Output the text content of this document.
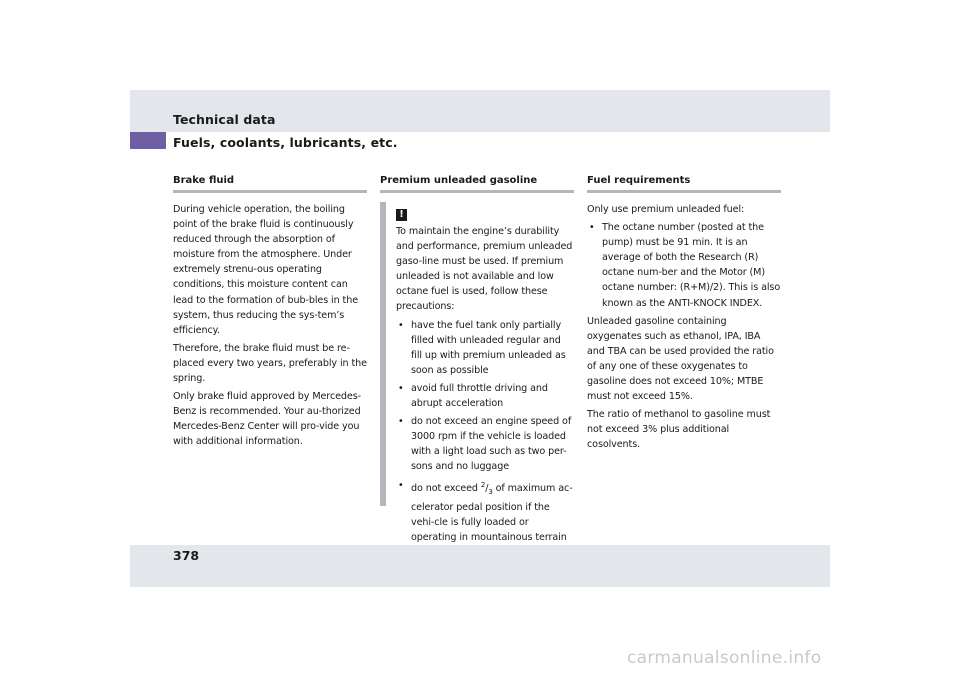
Technical data
Fuels, coolants, lubricants, etc.
Brake fluid

During vehicle operation, the boiling point of the brake fluid is continuously reduced through the absorption of moisture from the atmosphere. Under extremely strenu-ous operating conditions, this moisture content can lead to the formation of bub-bles in the system, thus reducing the sys-tem’s efficiency.

Therefore, the brake fluid must be re-placed every two years, preferably in the spring.

Only brake fluid approved by Mercedes-Benz is recommended. Your au-thorized Mercedes-Benz Center will pro-vide you with additional information.

Premium unleaded gasoline
!

To maintain the engine’s durability and performance, premium unleaded gaso-line must be used. If premium unleaded is not available and low octane fuel is used, follow these precautions:

• have the fuel tank only partially filled with unleaded regular and fill up with premium unleaded as soon as possible
• avoid full throttle driving and abrupt acceleration
• do not exceed an engine speed of 3000 rpm if the vehicle is loaded with a light load such as two per-sons and no luggage
• do not exceed $^2/_3$ of maximum ac-celerator pedal position if the vehi-cle is fully loaded or operating in mountainous terrain
Fuel requirements

Only use premium unleaded fuel:

• The octane number (posted at the pump) must be 91 min. It is an average of both the Research (R) octane num-ber and the Motor (M) octane number: (R+M)/2). This is also known as the ANTI-KNOCK INDEX.

Unleaded gasoline containing oxygenates such as ethanol, IPA, IBA and TBA can be used provided the ratio of any one of these oxygenates to gasoline does not exceed 10%; MTBE must not exceed 15%.

The ratio of methanol to gasoline must not exceed 3% plus additional cosolvents.

378
carmanualsonline.info
